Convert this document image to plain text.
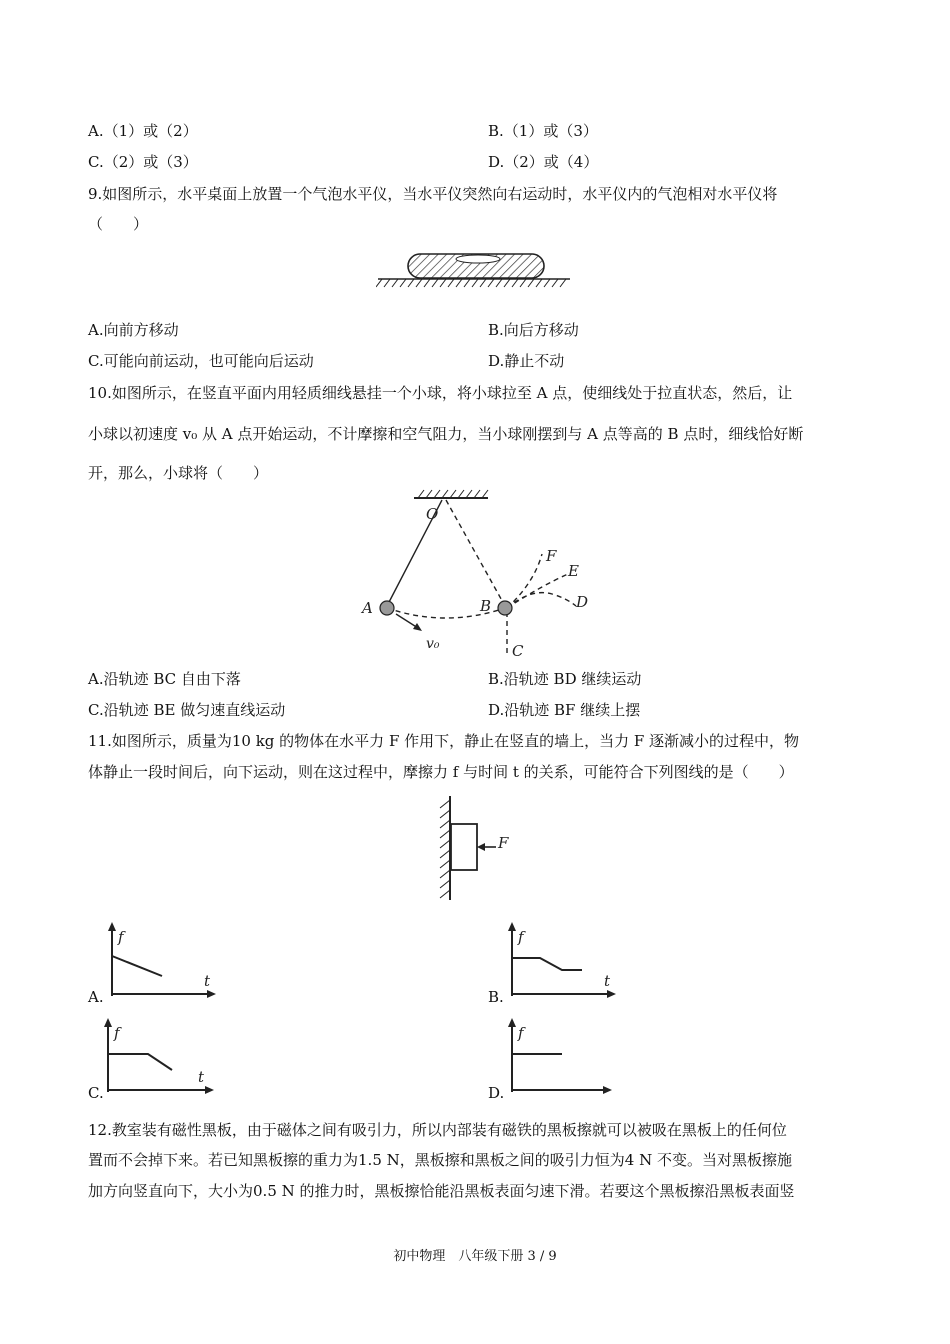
A.（1）或（2）	B.（1）或（3）
C.（2）或（3）	D.（2）或（4）
9.如图所示，水平桌面上放置一个气泡水平仪，当水平仪突然向右运动时，水平仪内的气泡相对水平仪将
（　　）
A.向前方移动	B.向后方移动
C.可能向前运动，也可能向后运动	D.静止不动
10.如图所示，在竖直平面内用轻质细线悬挂一个小球，将小球拉至 A 点，使细线处于拉直状态，然后，让
小球以初速度 v₀ 从 A 点开始运动，不计摩擦和空气阻力，当小球刚摆到与 A 点等高的 B 点时，细线恰好断
开，那么，小球将（　　）
O
A	B
C
D
E
F
v₀
A.沿轨迹 BC 自由下落	B.沿轨迹 BD 继续运动
C.沿轨迹 BE 做匀速直线运动	D.沿轨迹 BF 继续上摆
11.如图所示，质量为10 kg 的物体在水平力 F 作用下，静止在竖直的墙上，当力 F 逐渐减小的过程中，物
体静止一段时间后，向下运动，则在这过程中，摩擦力 f 与时间 t 的关系，可能符合下列图线的是（　　）
F
A.
f
t
B.
f
t
C.
f
t
D.
f
12.教室装有磁性黑板，由于磁体之间有吸引力，所以内部装有磁铁的黑板擦就可以被吸在黑板上的任何位
置而不会掉下来。若已知黑板擦的重力为1.5 N，黑板擦和黑板之间的吸引力恒为4 N 不变。当对黑板擦施
加方向竖直向下，大小为0.5 N 的推力时，黑板擦恰能沿黑板表面匀速下滑。若要这个黑板擦沿黑板表面竖
初中物理　八年级下册 3 / 9
